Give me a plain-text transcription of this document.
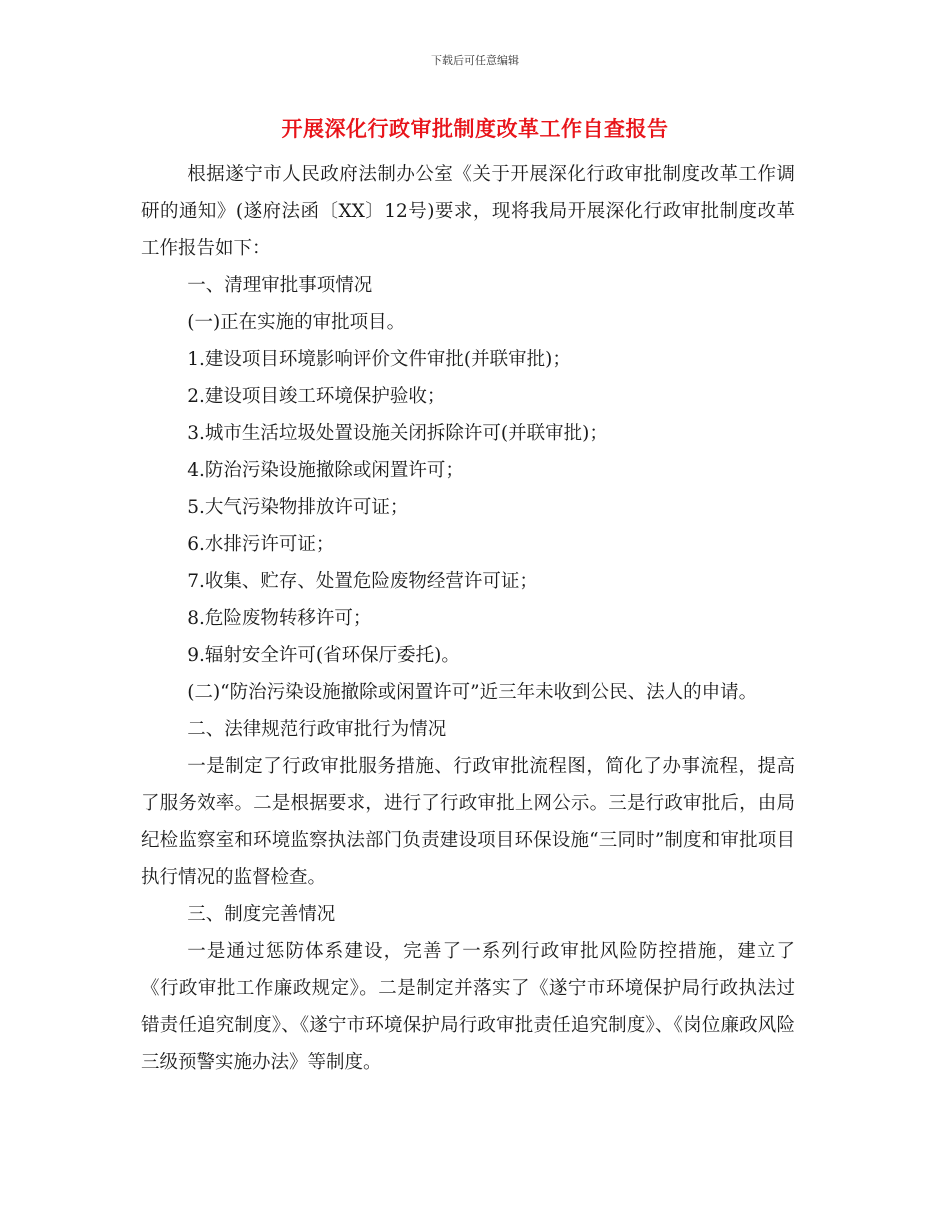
下载后可任意编辑
开展深化行政审批制度改革工作自查报告

根据遂宁市人民政府法制办公室《关于开展深化行政审批制度改革工作调研的通知》(遂府法函〔XX〕12号)要求，现将我局开展深化行政审批制度改革工作报告如下：

一、清理审批事项情况

(一)正在实施的审批项目。

1.建设项目环境影响评价文件审批(并联审批)；

2.建设项目竣工环境保护验收；

3.城市生活垃圾处置设施关闭拆除许可(并联审批)；

4.防治污染设施撤除或闲置许可；

5.大气污染物排放许可证；

6.水排污许可证；

7.收集、贮存、处置危险废物经营许可证；

8.危险废物转移许可；

9.辐射安全许可(省环保厅委托)。

(二)“防治污染设施撤除或闲置许可”近三年未收到公民、法人的申请。

二、法律规范行政审批行为情况

一是制定了行政审批服务措施、行政审批流程图，简化了办事流程，提高了服务效率。二是根据要求，进行了行政审批上网公示。三是行政审批后，由局纪检监察室和环境监察执法部门负责建设项目环保设施“三同时”制度和审批项目执行情况的监督检查。

三、制度完善情况

一是通过惩防体系建设，完善了一系列行政审批风险防控措施，建立了《行政审批工作廉政规定》。二是制定并落实了《遂宁市环境保护局行政执法过错责任追究制度》、《遂宁市环境保护局行政审批责任追究制度》、《岗位廉政风险三级预警实施办法》等制度。
